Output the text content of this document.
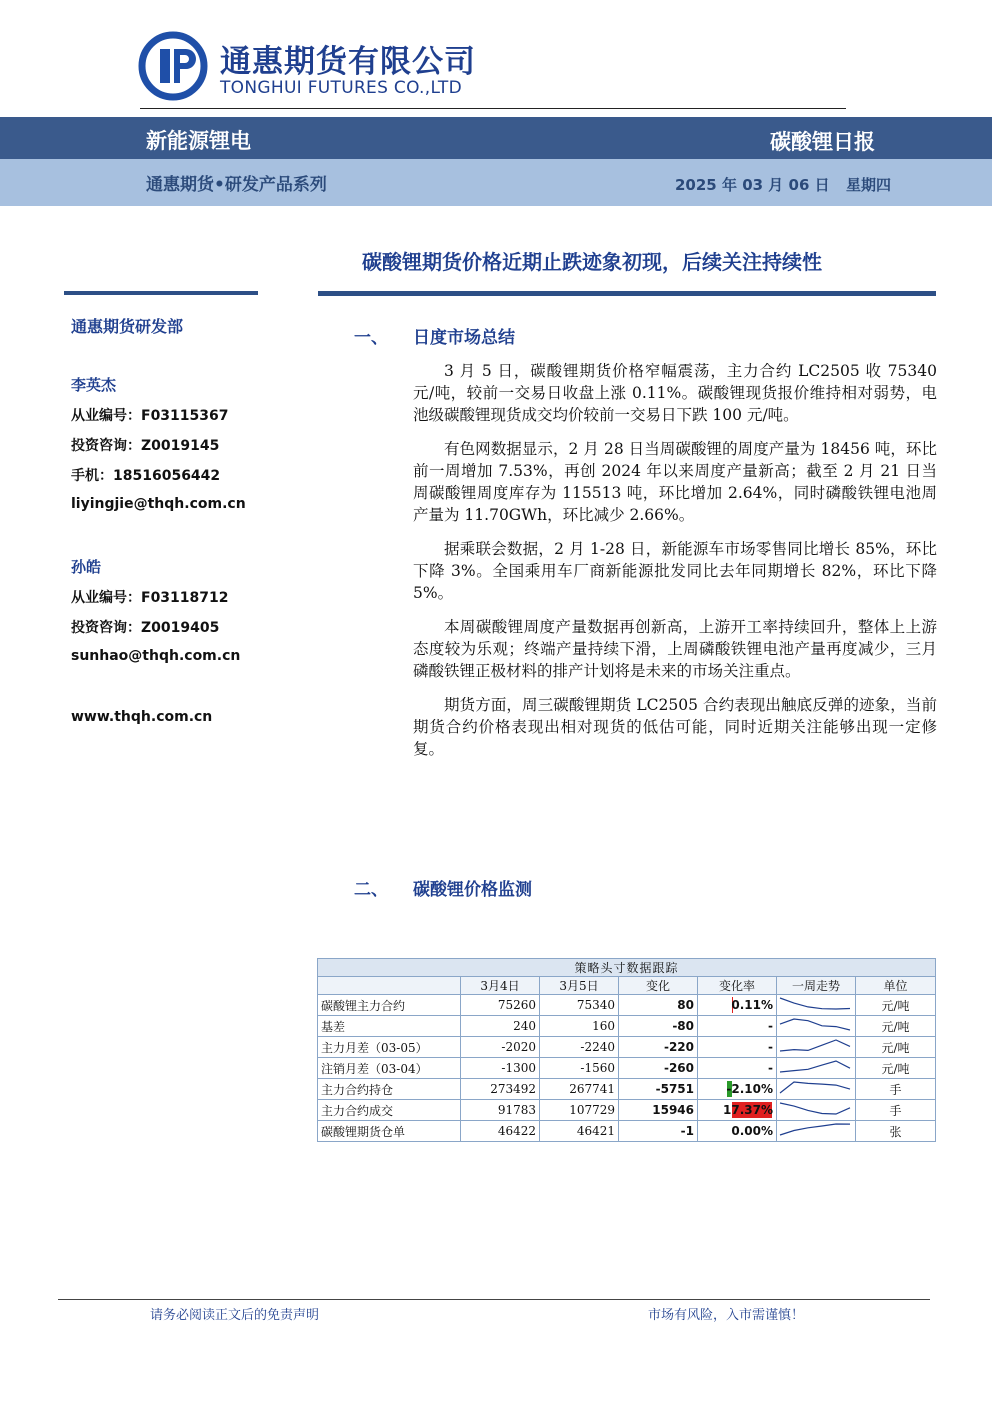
通惠期货有限公司
TONGHUI FUTURES CO.,LTD
新能源锂电	碳酸锂日报
通惠期货•研发产品系列	2025 年 03 月 06 日 星期四
碳酸锂期货价格近期止跌迹象初现，后续关注持续性
通惠期货研发部
李英杰
从业编号：F03115367
投资咨询：Z0019145
手机：18516056442
liyingjie@thqh.com.cn
孙皓
从业编号：F03118712
投资咨询：Z0019405
sunhao@thqh.com.cn
www.thqh.com.cn
一、 日度市场总结

3 月 5 日，碳酸锂期货价格窄幅震荡，主力合约 LC2505 收 75340 元/吨，较前一交易日收盘上涨 0.11%。碳酸锂现货报价维持相对弱势，电池级碳酸锂现货成交均价较前一交易日下跌 100 元/吨。

有色网数据显示，2 月 28 日当周碳酸锂的周度产量为 18456 吨，环比前一周增加 7.53%，再创 2024 年以来周度产量新高；截至 2 月 21 日当周碳酸锂周度库存为 115513 吨，环比增加 2.64%，同时磷酸铁锂电池周产量为 11.70GWh，环比减少 2.66%。

据乘联会数据，2 月 1-28 日，新能源车市场零售同比增长 85%，环比下降 3%。全国乘用车厂商新能源批发同比去年同期增长 82%，环比下降 5%。

本周碳酸锂周度产量数据再创新高，上游开工率持续回升，整体上上游态度较为乐观；终端产量持续下滑，上周磷酸铁锂电池产量再度减少，三月磷酸铁锂正极材料的排产计划将是未来的市场关注重点。

期货方面，周三碳酸锂期货 LC2505 合约表现出触底反弹的迹象，当前期货合约价格表现出相对现货的低估可能，同时近期关注能够出现一定修复。

二、 碳酸锂价格监测
策略头寸数据跟踪						
	3月4日	3月5日	变化	变化率	一周走势	单位
碳酸锂主力合约	75260	75340	80	0.11%		元/吨
基差	240	160	-80	-		元/吨
主力月差（03-05）	-2020	-2240	-220	-		元/吨
注销月差（03-04）	-1300	-1560	-260	-		元/吨
主力合约持仓	273492	267741	-5751	-2.10%		手
主力合约成交	91783	107729	15946	17.37%		手
碳酸锂期货仓单	46422	46421	-1	0.00%		张
请务必阅读正文后的免责声明	市场有风险，入市需谨慎！
